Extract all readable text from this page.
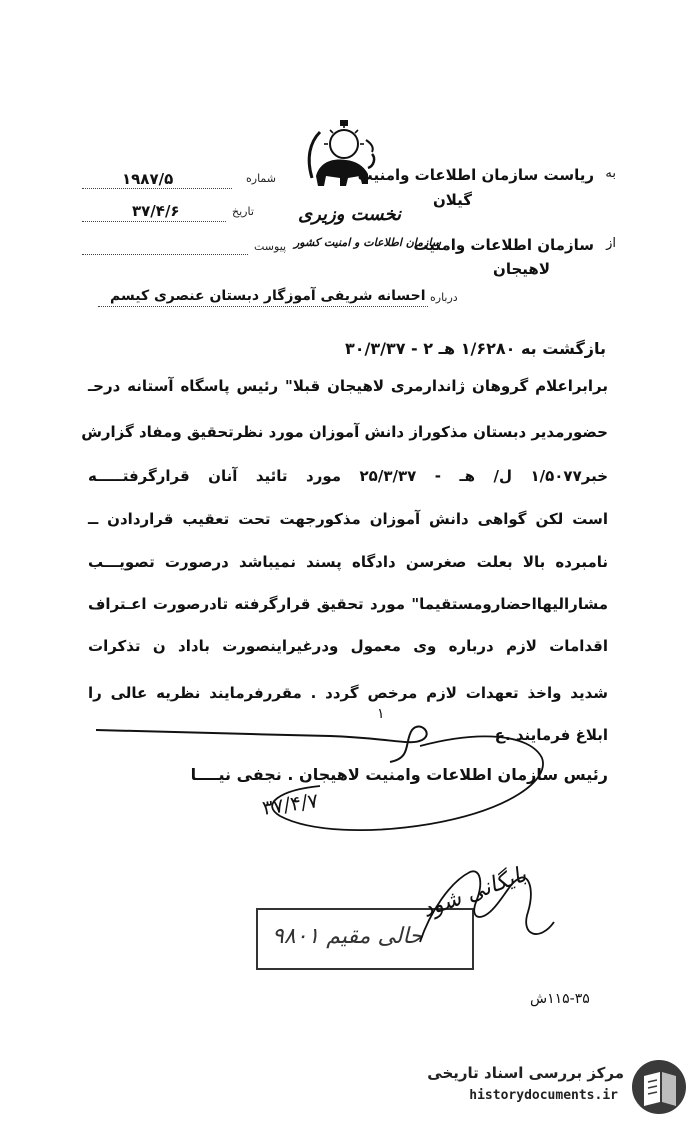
به
ریاست سازمان اطلاعات وامنیت
گیلان
نخست وزیری
از
سازمان اطلاعات وامنیت
سازمان اطلاعات و امنیت کشور
لاهیجان
شماره
۱۹۸۷/۵
تاریخ
۳۷/۴/۶
پیوست
درباره
احسانه شریفی آموزگار دبستان عنصری کیسم
بازگشت به ۱/۶۲۸۰ هـ ۲ - ۳۰/۳/۳۷
برابراعلام گروهان ژاندارمری لاهیجان قبلا" رئیس پاسگاه آستانه درحـ
حضورمدیر دبستان مذکوراز دانش آموزان مورد نظرتحقیق ومفاد گزارش
خبر۱/۵۰۷۷ ل/ هـ - ۲۵/۳/۳۷ مورد تائید آنان قرارگرفتـــــه
است لکن گواهی دانش آموزان مذکورجهت تحت تعقیب قراردادن ــ
نامبرده بالا بعلت صغرسن دادگاه پسند نمیباشد درصورت تصویـــب
مشارالیهااحضارومستقیما" مورد تحقیق قرارگرفته تادرصورت اعـتراف
اقدامات لازم درباره وی معمول ودرغیراینصورت باداد ن تذکرات
شدید واخذ تعهدات لازم مرخص گردد . مقررفرمایند نظریه عالی را
ابلاغ فرمایند .ع
رئیس سازمان اطلاعات وامنیت لاهیجان . نجفی نیــــا
۱
۳۷/۴/۷
حالی مقیم ۹۸۰۱
بایگانی شود
۱۱۵-۳۵ش
مرکز بررسی اسناد تاریخی
historydocuments.ir
